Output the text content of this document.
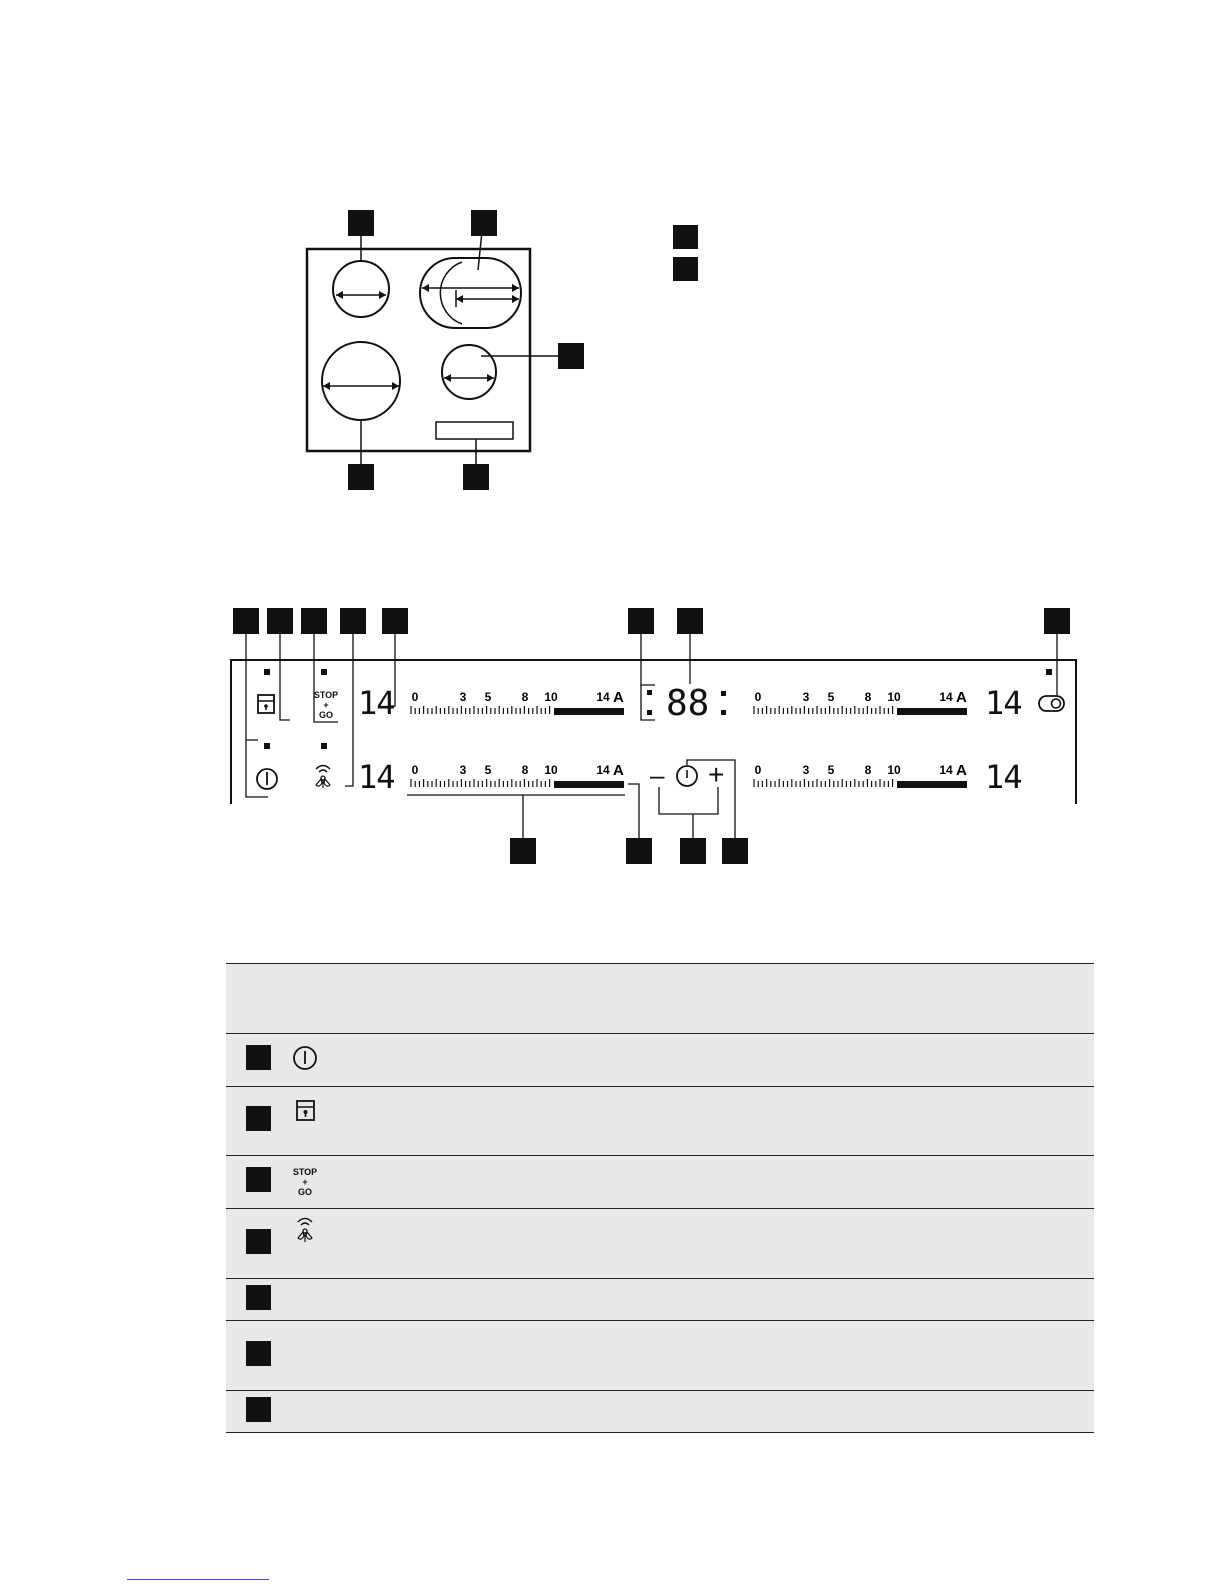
0	3 5	8 10	14 A
0	3 5	8 10	14 A
0	3 5	8 10	14 A
0	3 5	8 10	14 A
STOP
+
GO 14
14
14
14
88
– +

	STOP
+
GO	
